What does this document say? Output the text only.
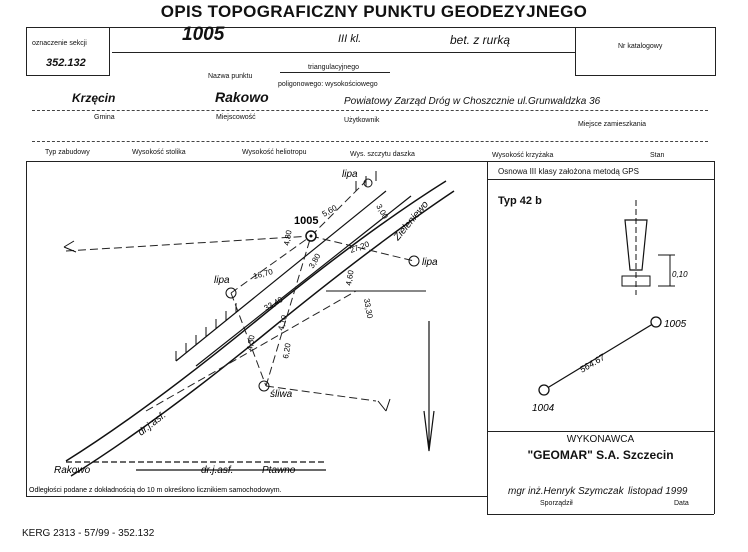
OPIS TOPOGRAFICZNY PUNKTU GEODEZYJNEGO
oznaczenie sekcji
352.132
Nr katalogowy
1005	III kl.	bet. z rurką
Nazwa punktu
triangulacyjnego
poligonowego: wysokościowego
Krzęcin	Rakowo	Powiatowy Zarząd Dróg w Choszcznie ul.Grunwaldzka 36
Gmina	Miejscowość	Użytkownik
Miejsce zamieszkania
Typ zabudowy	Wysokość stolika	Wysokość heliotropu	Wys. szczytu daszka	Wysokość krzyżaka	Stan
Rakowo	dr.j.asf.	Ptawno
dr.j.asf.
Zieleniewo
1005
lipa
lipa
lipa
śliwa
5,60	3,00
4,80
27,20
16,70
3,80
33,40
4,10
33,30
4,60
4,30	6,20
Odległości podane z dokładnością do 10 m określono licznikiem samochodowym.
Osnowa III klasy założona metodą GPS
Typ 42 b
0,10
1005
1004
564.67
WYKONAWCA
"GEOMAR" S.A. Szczecin
mgr inż.Henryk Szymczak listopad 1999
Sporządził	Data
KERG 2313 - 57/99 - 352.132
